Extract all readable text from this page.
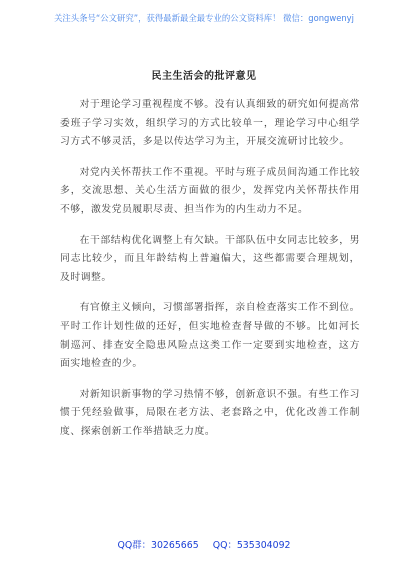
关注头条号“公文研究”，获得最新最全最专业的公文资料库！ 微信：gongwenyj
民主生活会的批评意见

对于理论学习重视程度不够。没有认真细致的研究如何提高常委班子学习实效，组织学习的方式比较单一，理论学习中心组学习方式不够灵活，多是以传达学习为主，开展交流研讨比较少。

对党内关怀帮扶工作不重视。平时与班子成员间沟通工作比较多，交流思想、关心生活方面做的很少，发挥党内关怀帮扶作用不够，激发党员履职尽责、担当作为的内生动力不足。

在干部结构优化调整上有欠缺。干部队伍中女同志比较多，男同志比较少，而且年龄结构上普遍偏大，这些都需要合理规划，及时调整。

有官僚主义倾向，习惯部署指挥，亲自检查落实工作不到位。平时工作计划性做的还好，但实地检查督导做的不够。比如河长制巡河、排查安全隐患风险点这类工作一定要到实地检查，这方面实地检查的少。

对新知识新事物的学习热情不够，创新意识不强。有些工作习惯于凭经验做事，局限在老方法、老套路之中，优化改善工作制度、探索创新工作举措缺乏力度。

QQ群：30265665 QQ：535304092
